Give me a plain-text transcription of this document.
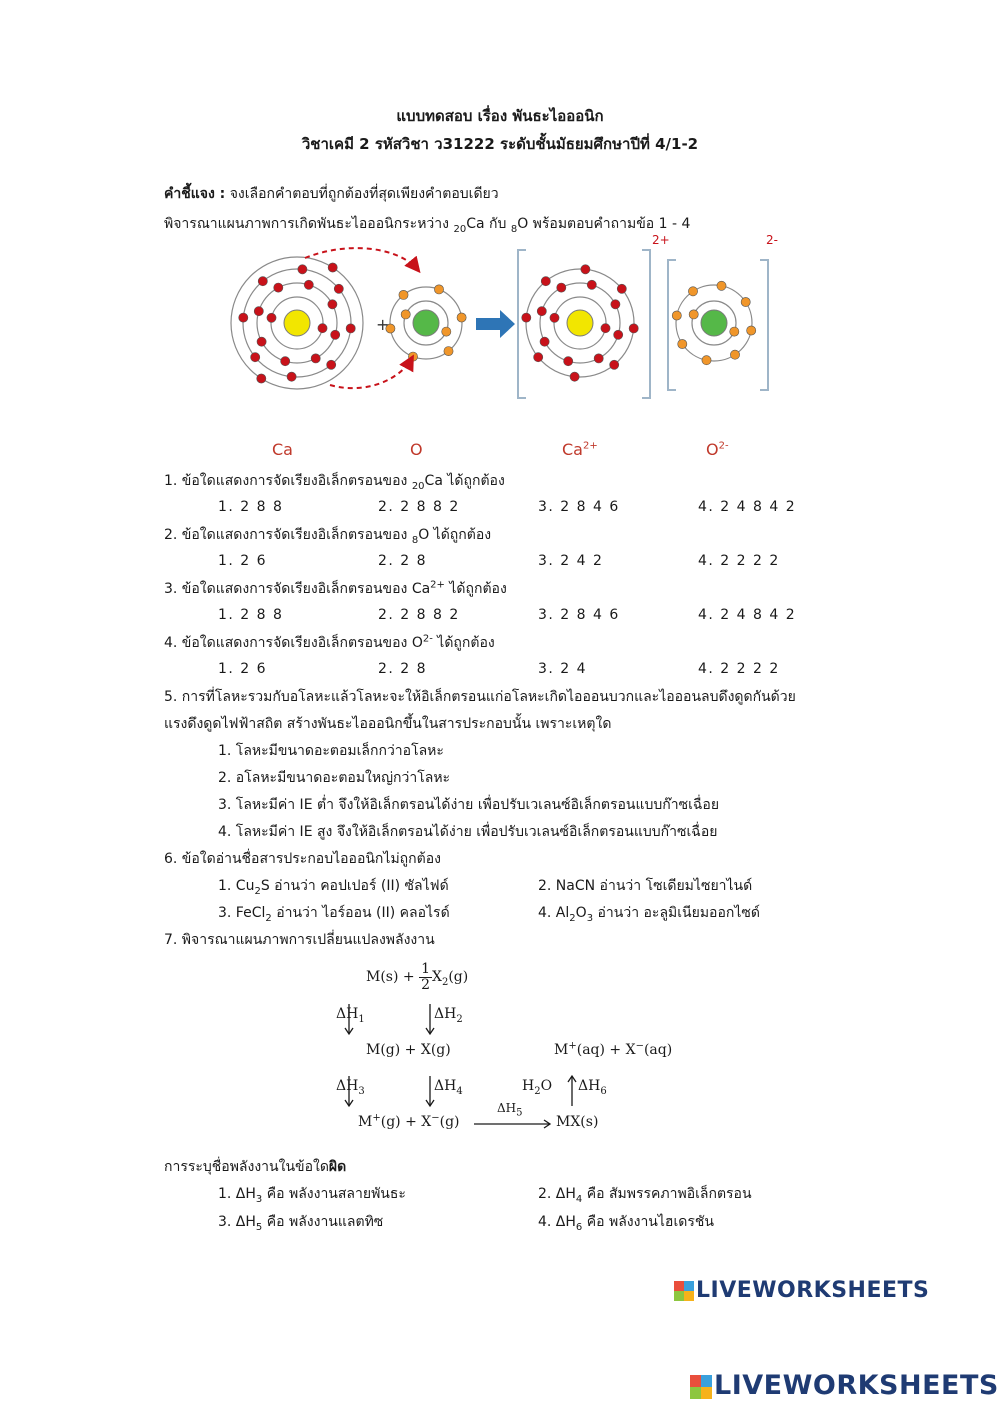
แบบทดสอบ เรื่อง พันธะไอออนิก
วิชาเคมี 2 รหัสวิชา ว31222 ระดับชั้นมัธยมศึกษาปีที่ 4/1-2
คำชี้แจง : จงเลือกคำตอบที่ถูกต้องที่สุดเพียงคำตอบเดียว
พิจารณาแผนภาพการเกิดพันธะไอออนิกระหว่าง $_{20}$Ca กับ $_8$O พร้อมตอบคำถามข้อ 1 - 4
+
2+	2-
Ca	O	$Ca^{2+}$	$O^{2-}$
1. ข้อใดแสดงการจัดเรียงอิเล็กตรอนของ $_{20}$Ca ได้ถูกต้อง
1. 2 8 8	2. 2 8 8 2	3. 2 8 4 6	4. 2 4 8 4 2
2. ข้อใดแสดงการจัดเรียงอิเล็กตรอนของ $_8$O ได้ถูกต้อง
1. 2 6	2. 2 8	3. 2 4 2	4. 2 2 2 2
3. ข้อใดแสดงการจัดเรียงอิเล็กตรอนของ $Ca^{2+}$ ได้ถูกต้อง
1. 2 8 8	2. 2 8 8 2	3. 2 8 4 6	4. 2 4 8 4 2
4. ข้อใดแสดงการจัดเรียงอิเล็กตรอนของ $O^{2-}$ ได้ถูกต้อง
1. 2 6	2. 2 8	3. 2 4	4. 2 2 2 2
5. การที่โลหะรวมกับอโลหะแล้วโลหะจะให้อิเล็กตรอนแก่อโลหะเกิดไอออนบวกและไอออนลบดึงดูดกันด้วย
แรงดึงดูดไฟฟ้าสถิต สร้างพันธะไอออนิกขึ้นในสารประกอบนั้น เพราะเหตุใด
1. โลหะมีขนาดอะตอมเล็กกว่าอโลหะ
2. อโลหะมีขนาดอะตอมใหญ่กว่าโลหะ
3. โลหะมีค่า IE ต่ำ จึงให้อิเล็กตรอนได้ง่าย เพื่อปรับเวเลนซ์อิเล็กตรอนแบบก๊าซเฉื่อย
4. โลหะมีค่า IE สูง จึงให้อิเล็กตรอนได้ง่าย เพื่อปรับเวเลนซ์อิเล็กตรอนแบบก๊าซเฉื่อย
6. ข้อใดอ่านชื่อสารประกอบไอออนิกไม่ถูกต้อง
1. $Cu_2S$ อ่านว่า คอปเปอร์ (II) ซัลไฟด์	2. NaCN อ่านว่า โซเดียมไซยาไนด์
3. FeCl$_2$ อ่านว่า ไอร์ออน (II) คลอไรด์	4. $Al_2O_3$ อ่านว่า อะลูมิเนียมออกไซด์
7. พิจารณาแผนภาพการเปลี่ยนแปลงพลังงาน
$M(s) + \frac{1}{2} X_2(g)$
$\Delta H_1$	$\Delta H_2$
M(g) + X(g)	M+(aq) + X−(aq)
$\Delta H_3$	$\Delta H_4$	$H_2O$ $\Delta H_6$
M+(g) + X−(g)
$\Delta H_5$
MX(s)
การระบุชื่อพลังงานในข้อใดผิด
1. $\Delta H_3$ คือ พลังงานสลายพันธะ	2. $\Delta H_4$ คือ สัมพรรคภาพอิเล็กตรอน
3. $\Delta H_5$ คือ พลังงานแลตทิซ	4. $\Delta H_6$ คือ พลังงานไฮเดรชัน
LIVEWORKSHEETS
LIVEWORKSHEETS
